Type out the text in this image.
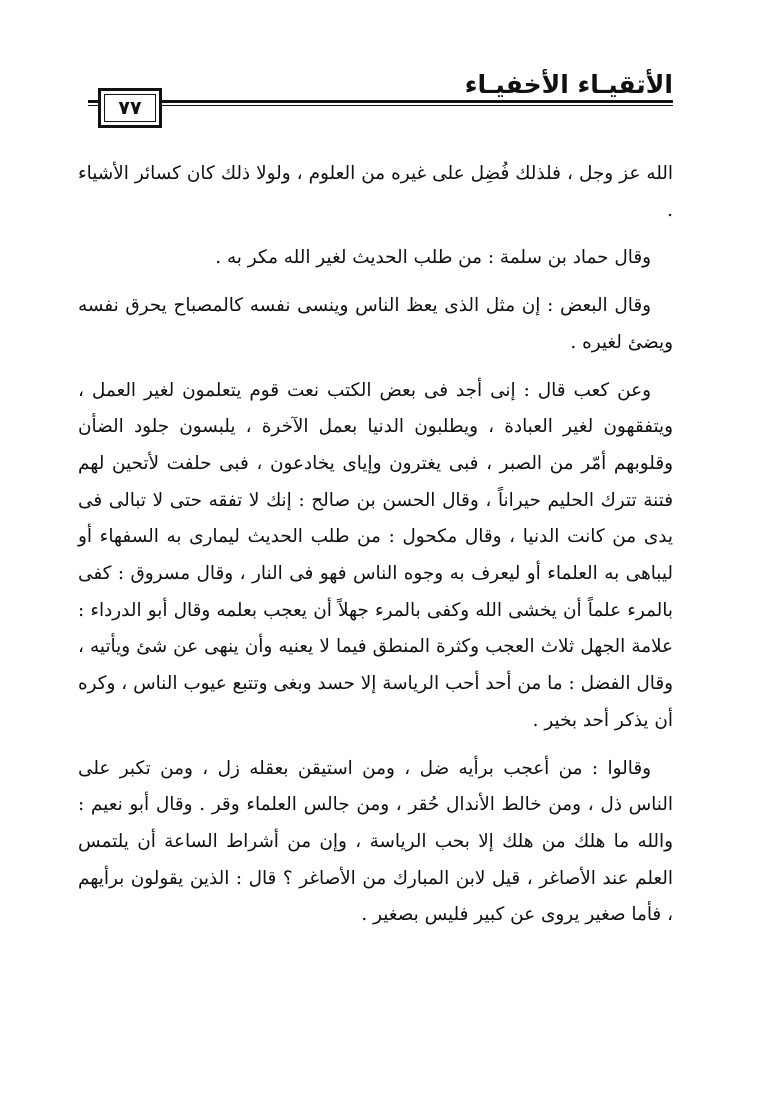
الأتقيـاء الأخفيـاء
٧٧

الله عز وجل ، فلذلك فُضِل على غيره من العلوم ، ولولا ذلك كان كسائر الأشياء .

وقال حماد بن سلمة : من طلب الحديث لغير الله مكر به .

وقال البعض : إن مثل الذى يعظ الناس وينسى نفسه كالمصباح يحرق نفسه ويضئ لغيره .

وعن كعب قال : إنى أجد فى بعض الكتب نعت قوم يتعلمون لغير العمل ، ويتفقهون لغير العبادة ، ويطلبون الدنيا بعمل الآخرة ، يلبسون جلود الضأن وقلوبهم أمّر من الصبر ، فبى يغترون وإياى يخادعون ، فبى حلفت لأتحين لهم فتنة تترك الحليم حيراناً ، وقال الحسن بن صالح : إنك لا تفقه حتى لا تبالى فى يدى من كانت الدنيا ، وقال مكحول : من طلب الحديث ليمارى به السفهاء أو ليباهى به العلماء أو ليعرف به وجوه الناس فهو فى النار ، وقال مسروق : كفى بالمرء علماً أن يخشى الله وكفى بالمرء جهلاً أن يعجب بعلمه وقال أبو الدرداء : علامة الجهل ثلاث العجب وكثرة المنطق فيما لا يعنيه وأن ينهى عن شئ ويأتيه ، وقال الفضل : ما من أحد أحب الرياسة إلا حسد وبغى وتتبع عيوب الناس ، وكره أن يذكر أحد بخير .

وقالوا : من أعجب برأيه ضل ، ومن استيقن بعقله زل ، ومن تكبر على الناس ذل ، ومن خالط الأندال حُقر ، ومن جالس العلماء وقر . وقال أبو نعيم : والله ما هلك من هلك إلا بحب الرياسة ، وإن من أشراط الساعة أن يلتمس العلم عند الأصاغر ، قيل لابن المبارك من الأصاغر ؟ قال : الذين يقولون برأيهم ، فأما صغير يروى عن كبير فليس بصغير .
